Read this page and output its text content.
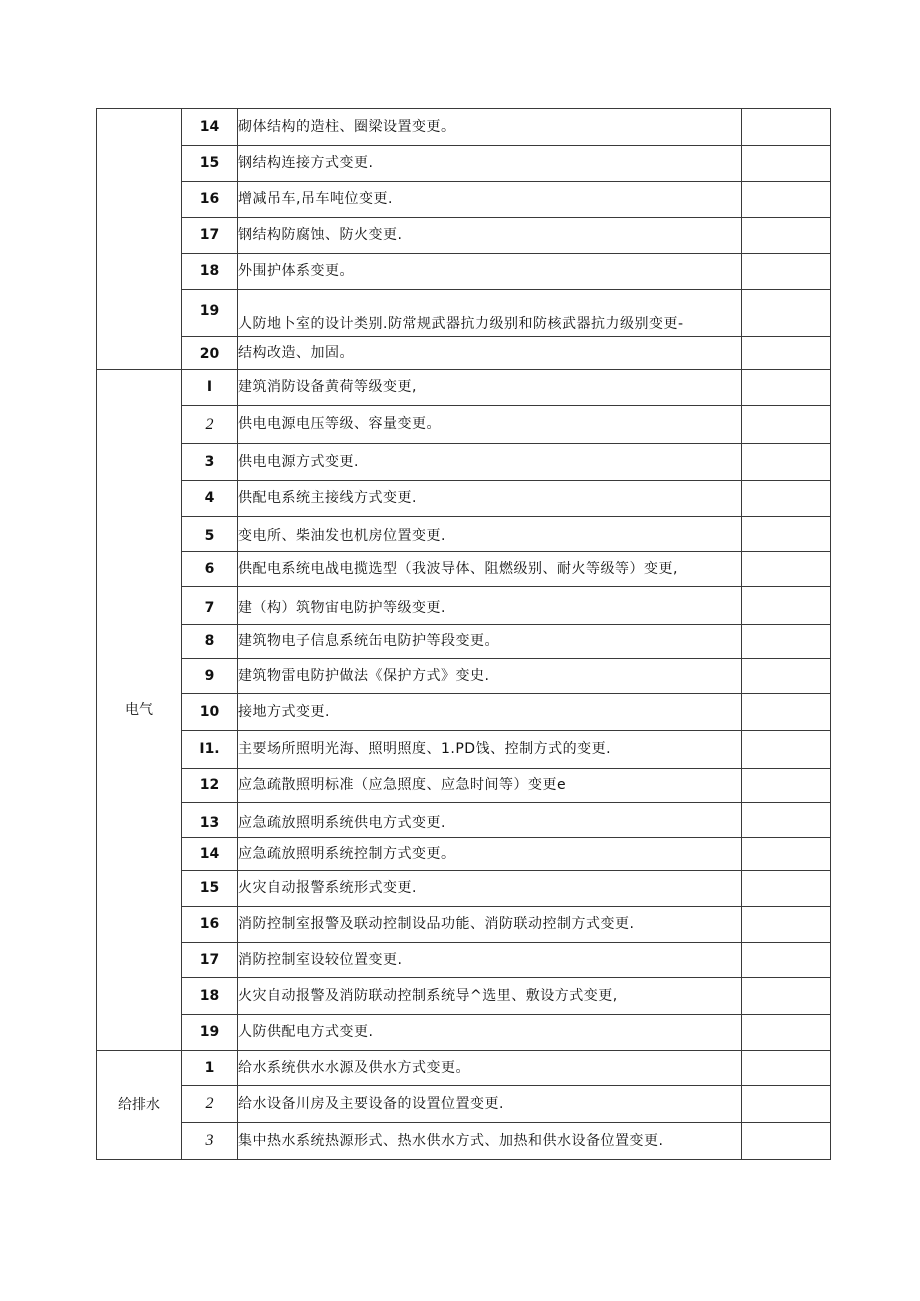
	14	砌体结构的造柱、圈梁设置变更。	
	15	钢结构连接方式变更.	
	16	增减吊车,吊车吨位变更.	
	17	钢结构防腐蚀、防火变更.	
	18	外围护体系变更。	
	19	人防地卜室的设计类别.防常规武器抗力级别和防核武器抗力级别变更-	
	20	结构改造、加固。	
电气	I	建筑消防设备黄荷等级变更,	
	2	供电电源电压等级、容量变更。	
	3	供电电源方式变更.	
	4	供配电系统主接线方式变更.	
	5	变电所、柴油发也机房位置变更.	
	6	供配电系统电战电揽选型（我波导体、阻燃级别、耐火等级等）变更,	
	7	建（构）筑物宙电防护等级变更.	
	8	建筑物电子信息系统缶电防护等段变更。	
	9	建筑物雷电防护做法《保护方式》变史.	
	10	接地方式变更.	
	I1.	主要场所照明光海、照明照度、1.PD饯、控制方式的变更.	
	12	应急疏散照明标准（应急照度、应急时间等）变更e	
	13	应急疏放照明系统供电方式变更.	
	14	应急疏放照明系统控制方式变更。	
	15	火灾自动报警系统形式变更.	
	16	消防控制室报警及联动控制设品功能、消防联动控制方式变更.	
	17	消防控制室设较位置变更.	
	18	火灾自动报警及消防联动控制系统导^选里、敷设方式变更,	
	19	人防供配电方式变更.	
给排水	1	给水系统供水水源及供水方式变更。	
	2	给水设备川房及主要设备的设置位置变更.	
	3	集中热水系统热源形式、热水供水方式、加热和供水设备位置变更.	
